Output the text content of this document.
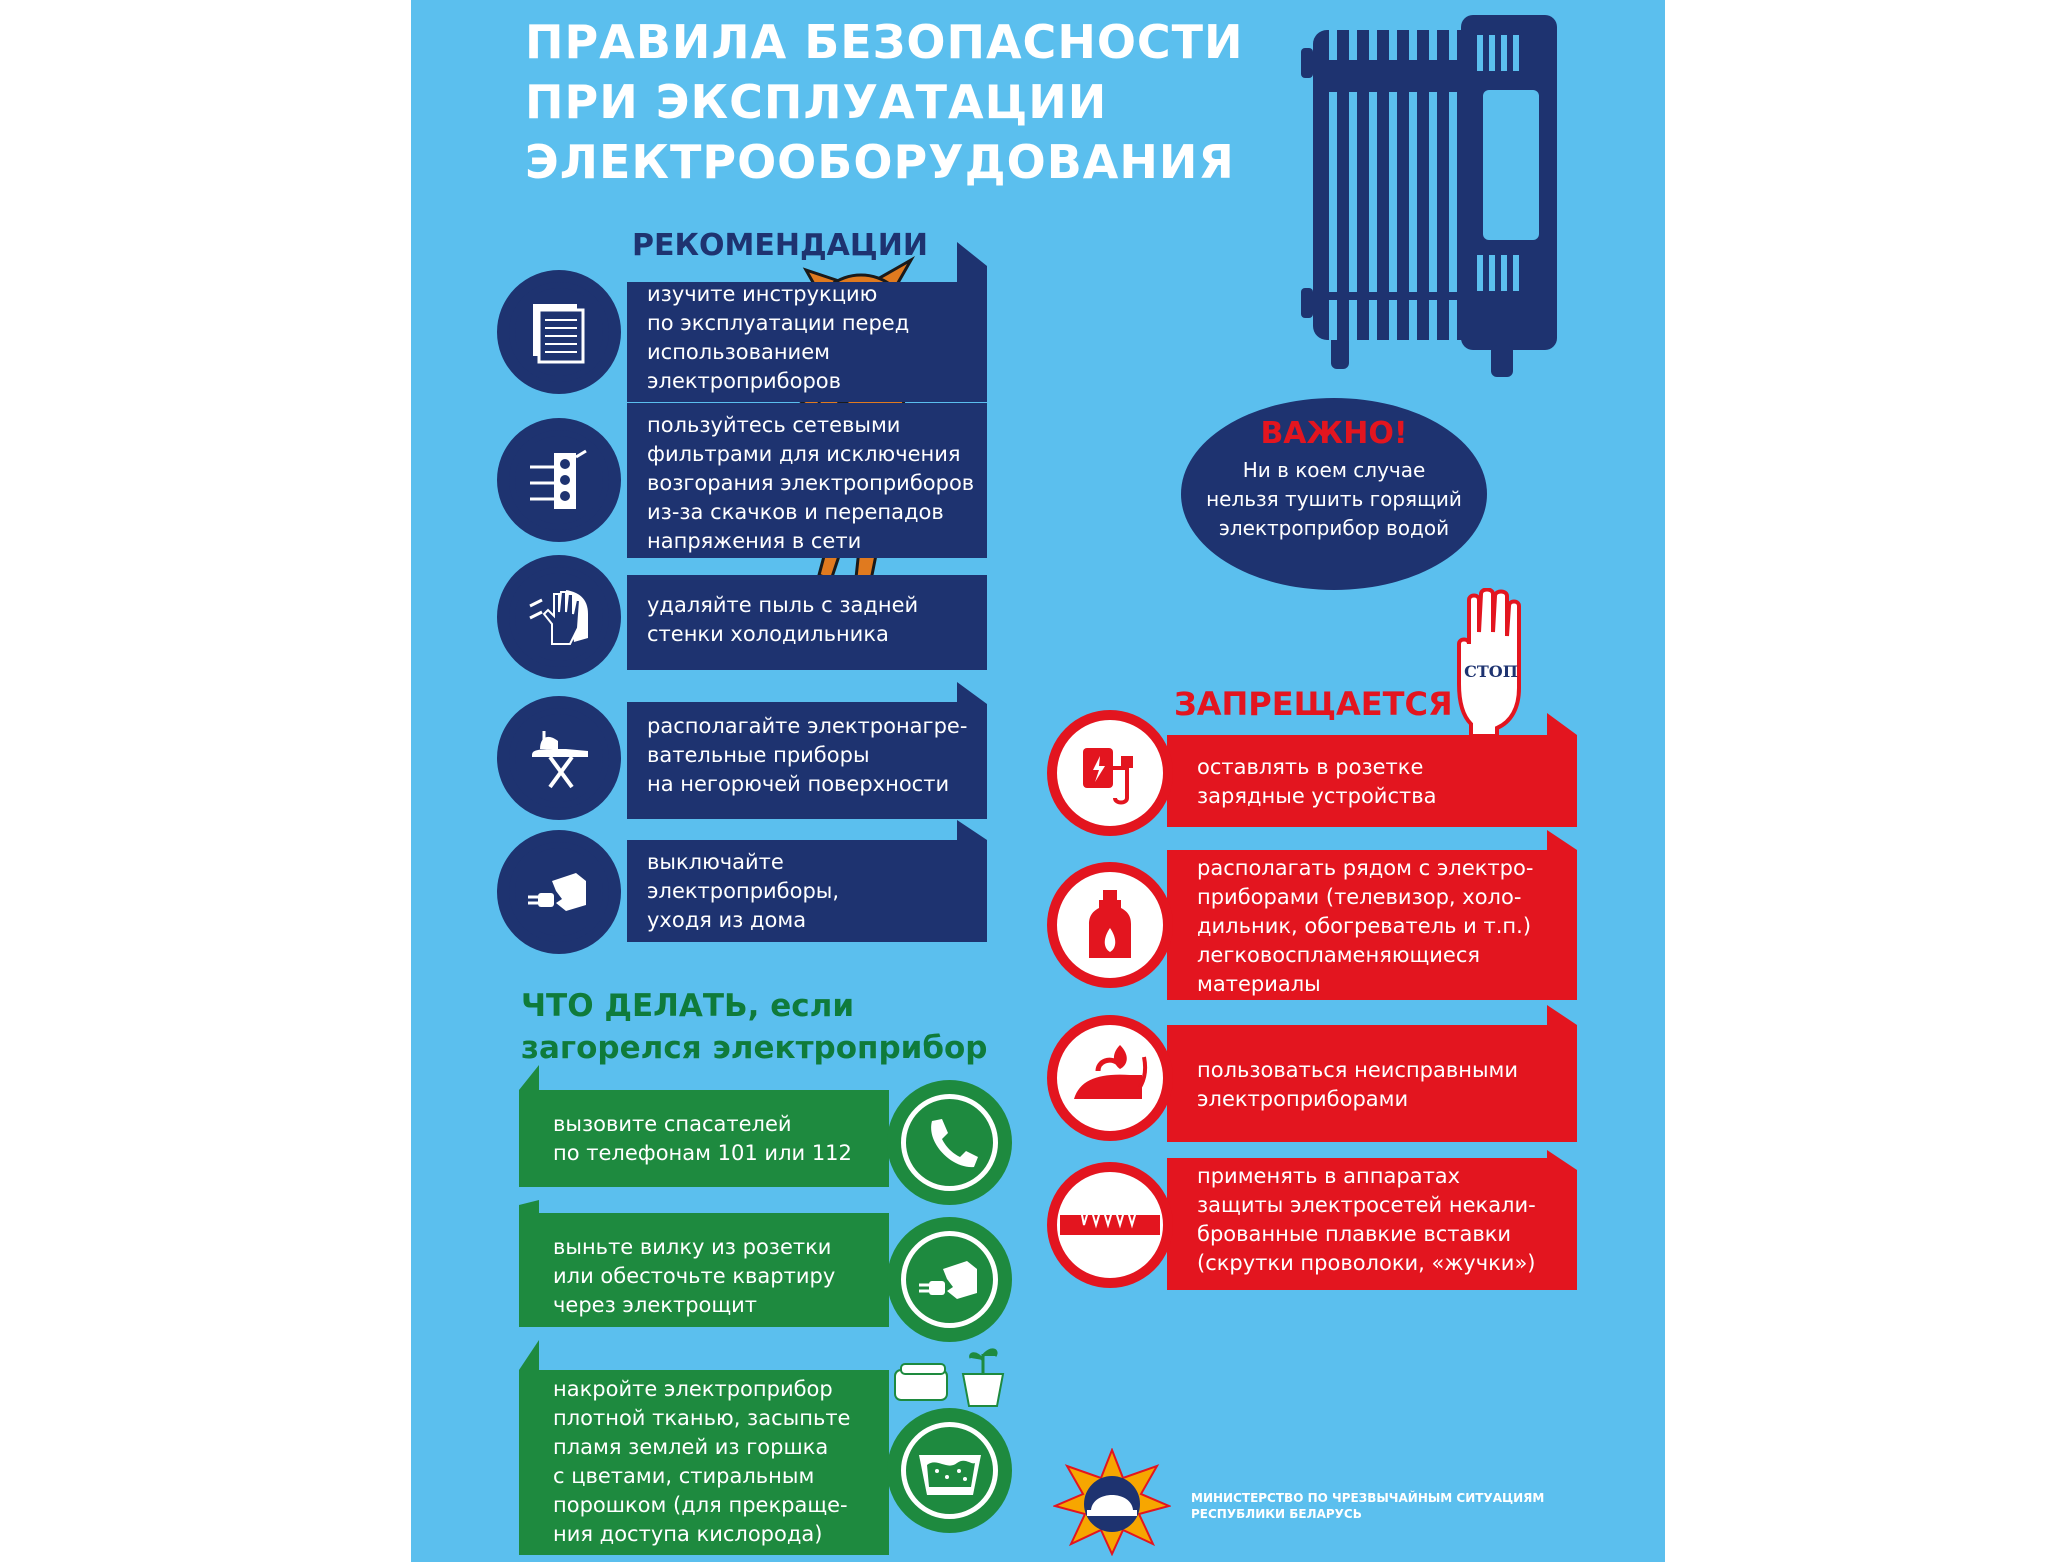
ПРАВИЛА БЕЗОПАСНОСТИ
ПРИ ЭКСПЛУАТАЦИИ
ЭЛЕКТРООБОРУДОВАНИЯ
РЕКОМЕНДАЦИИ
изучите инструкцию
по эксплуатации перед
использованием
электроприборов
пользуйтесь сетевыми
фильтрами для исключения
возгорания электроприборов
из-за скачков и перепадов
напряжения в сети
удаляйте пыль с задней
стенки холодильника
располагайте электронагре-
вательные приборы
на негорючей поверхности
выключайте
электроприборы,
уходя из дома
ВАЖНО!
Ни в коем случае
нельзя тушить горящий
электроприбор водой
СТОП
ЗАПРЕЩАЕТСЯ
оставлять в розетке
зарядные устройства
располагать рядом с электро-
приборами (телевизор, холо-
дильник, обогреватель и т.п.)
легковоспламеняющиеся
материалы
пользоваться неисправными
электроприборами
применять в аппаратах
защиты электросетей некали-
брованные плавкие вставки
(скрутки проволоки, «жучки»)
ЧТО ДЕЛАТЬ, если
загорелся электроприбор
вызовите спасателей
по телефонам 101 или 112
выньте вилку из розетки
или обесточьте квартиру
через электрощит
накройте электроприбор
плотной тканью, засыпьте
пламя землей из горшка
с цветами, стиральным
порошком (для прекраще-
ния доступа кислорода)
МИНИСТЕРСТВО ПО ЧРЕЗВЫЧАЙНЫМ СИТУАЦИЯМ
РЕСПУБЛИКИ БЕЛАРУСЬ
